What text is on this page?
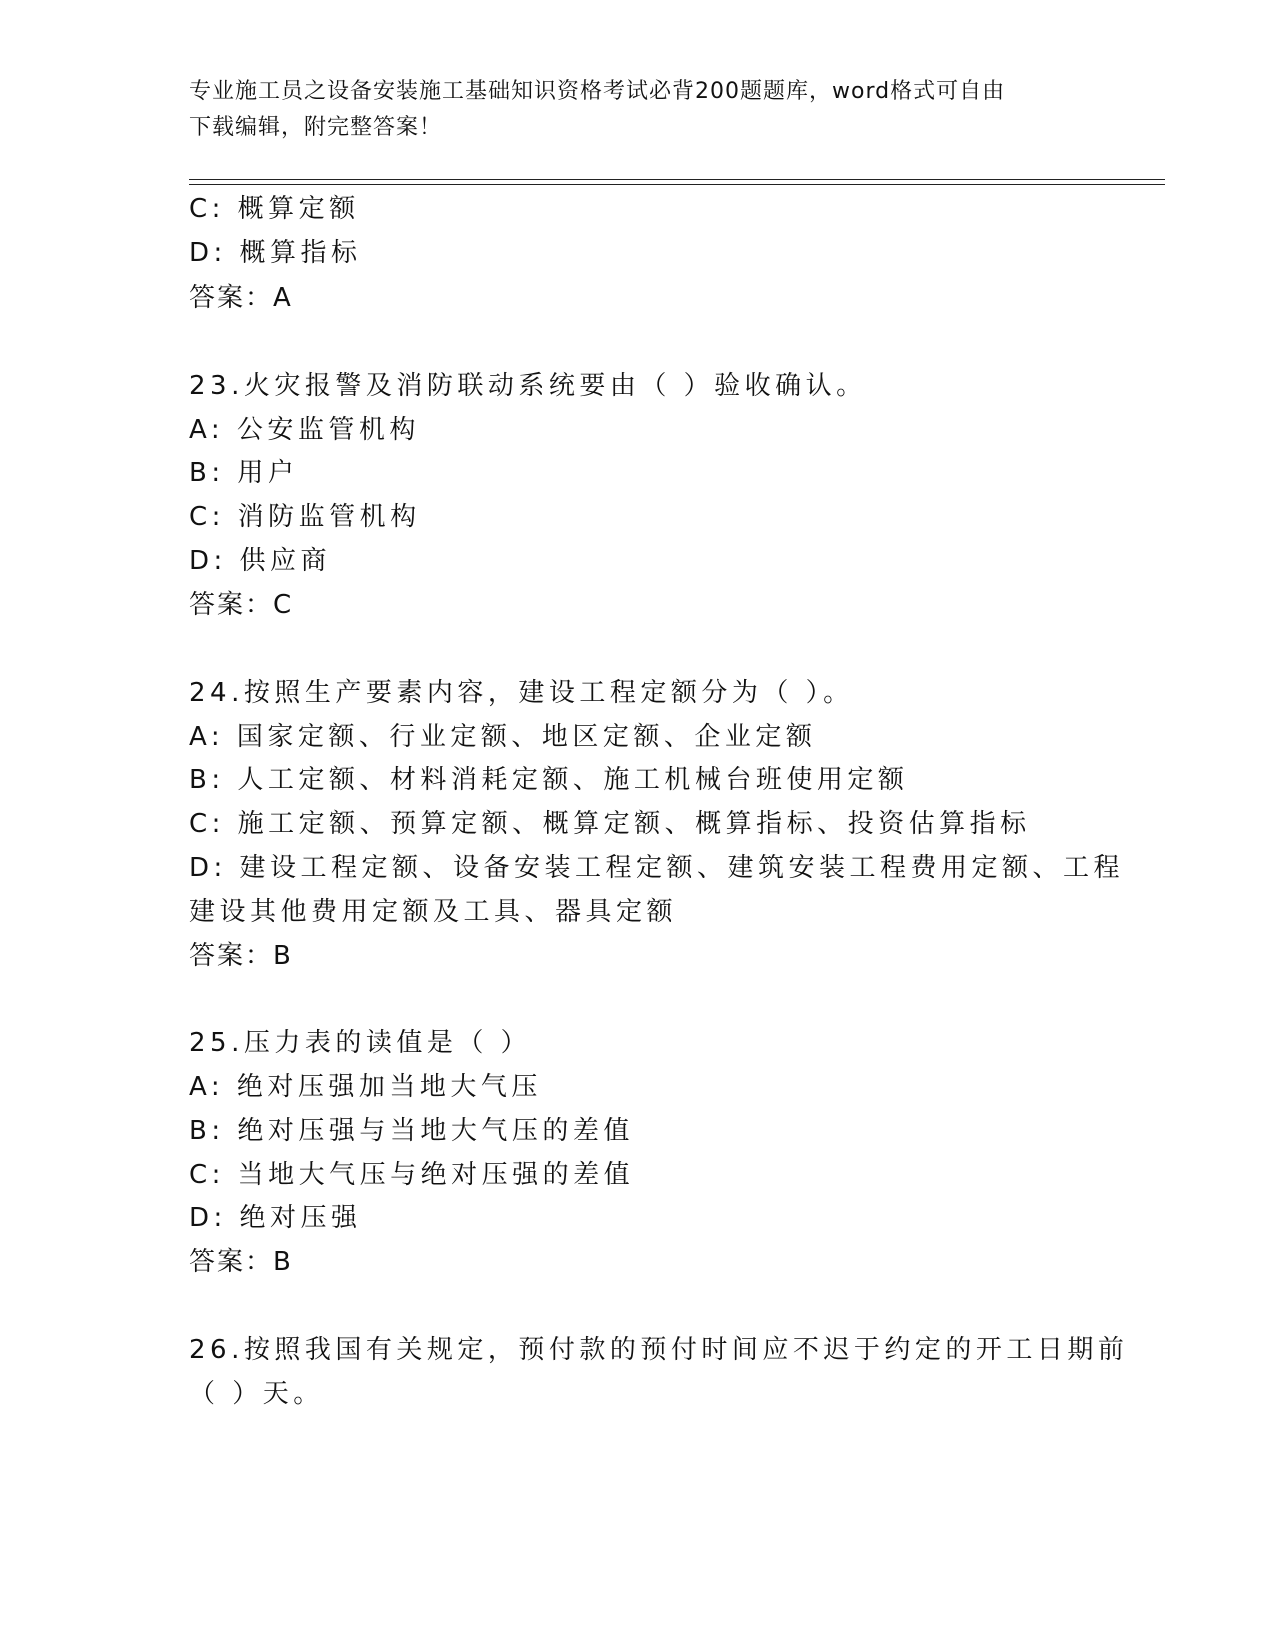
专业施工员之设备安装施工基础知识资格考试必背200题题库，word格式可自由
下载编辑，附完整答案！
C: 概算定额
D: 概算指标
答案：A
23.火灾报警及消防联动系统要由（ ）验收确认。
A: 公安监管机构
B: 用户
C: 消防监管机构
D: 供应商
答案：C
24.按照生产要素内容，建设工程定额分为（ ）。
A: 国家定额、行业定额、地区定额、企业定额
B: 人工定额、材料消耗定额、施工机械台班使用定额
C: 施工定额、预算定额、概算定额、概算指标、投资估算指标
D: 建设工程定额、设备安装工程定额、建筑安装工程费用定额、工程
建设其他费用定额及工具、器具定额
答案：B
25.压力表的读值是（ ）
A: 绝对压强加当地大气压
B: 绝对压强与当地大气压的差值
C: 当地大气压与绝对压强的差值
D: 绝对压强
答案：B
26.按照我国有关规定，预付款的预付时间应不迟于约定的开工日期前
（ ）天。
